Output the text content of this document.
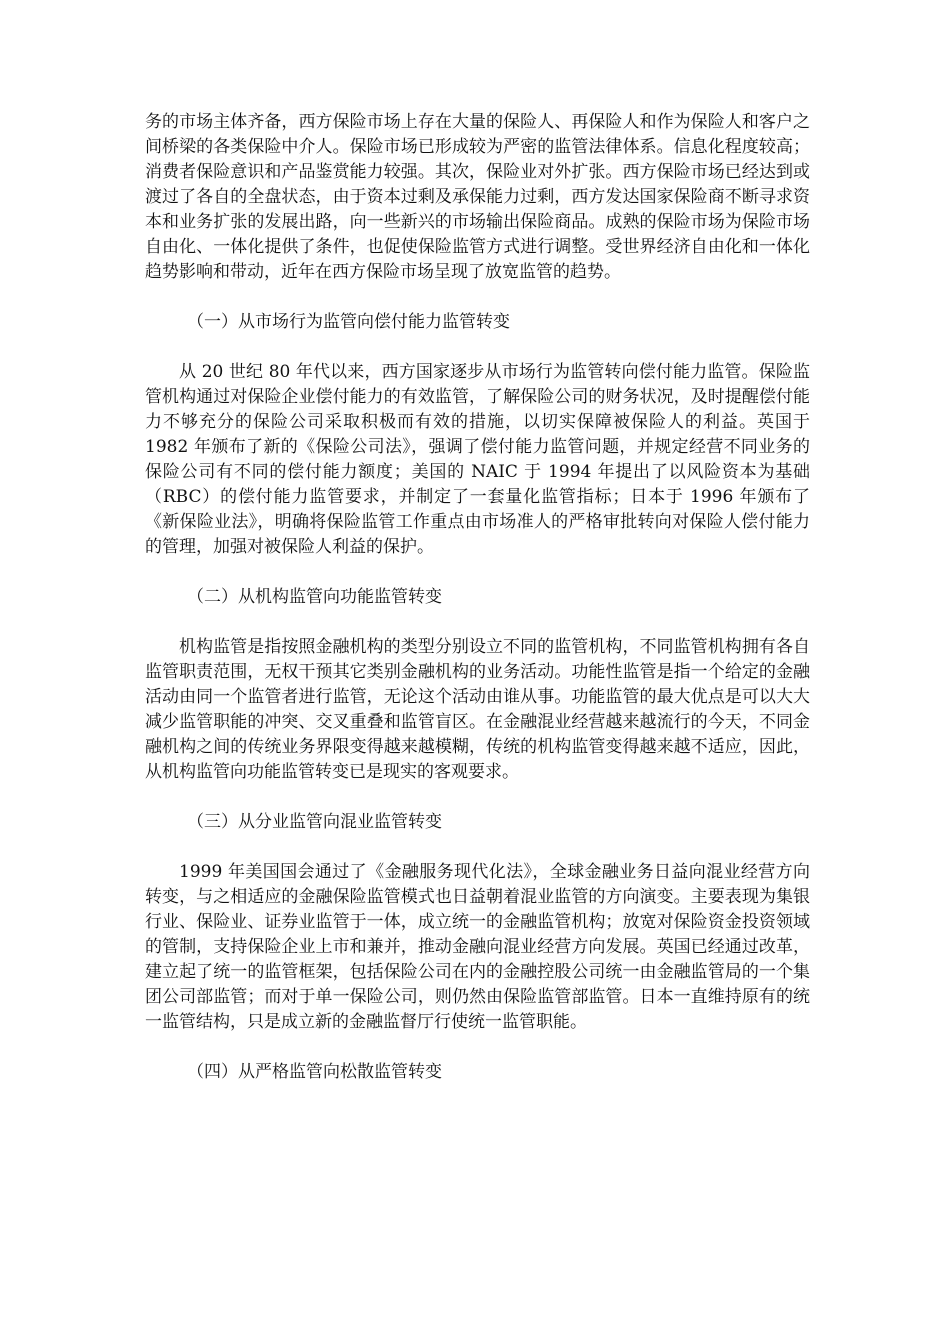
务的市场主体齐备，西方保险市场上存在大量的保险人、再保险人和作为保险人和客户之间桥梁的各类保险中介人。保险市场已形成较为严密的监管法律体系。信息化程度较高；消费者保险意识和产品鉴赏能力较强。其次，保险业对外扩张。西方保险市场已经达到或渡过了各自的全盘状态，由于资本过剩及承保能力过剩，西方发达国家保险商不断寻求资本和业务扩张的发展出路，向一些新兴的市场输出保险商品。成熟的保险市场为保险市场自由化、一体化提供了条件，也促使保险监管方式进行调整。受世界经济自由化和一体化趋势影响和带动，近年在西方保险市场呈现了放宽监管的趋势。

（一）从市场行为监管向偿付能力监管转变

从 20 世纪 80 年代以来，西方国家逐步从市场行为监管转向偿付能力监管。保险监管机构通过对保险企业偿付能力的有效监管，了解保险公司的财务状况，及时提醒偿付能力不够充分的保险公司采取积极而有效的措施，以切实保障被保险人的利益。英国于 1982 年颁布了新的《保险公司法》，强调了偿付能力监管问题，并规定经营不同业务的保险公司有不同的偿付能力额度；美国的 NAIC 于 1994 年提出了以风险资本为基础（RBC）的偿付能力监管要求，并制定了一套量化监管指标；日本于 1996 年颁布了《新保险业法》，明确将保险监管工作重点由市场准人的严格审批转向对保险人偿付能力的管理，加强对被保险人利益的保护。

（二）从机构监管向功能监管转变

机构监管是指按照金融机构的类型分别设立不同的监管机构，不同监管机构拥有各自监管职责范围，无权干预其它类别金融机构的业务活动。功能性监管是指一个给定的金融活动由同一个监管者进行监管，无论这个活动由谁从事。功能监管的最大优点是可以大大减少监管职能的冲突、交叉重叠和监管盲区。在金融混业经营越来越流行的今天，不同金融机构之间的传统业务界限变得越来越模糊，传统的机构监管变得越来越不适应，因此，从机构监管向功能监管转变已是现实的客观要求。

（三）从分业监管向混业监管转变

1999 年美国国会通过了《金融服务现代化法》，全球金融业务日益向混业经营方向转变，与之相适应的金融保险监管模式也日益朝着混业监管的方向演变。主要表现为集银行业、保险业、证券业监管于一体，成立统一的金融监管机构；放宽对保险资金投资领域的管制，支持保险企业上市和兼并，推动金融向混业经营方向发展。英国已经通过改革，建立起了统一的监管框架，包括保险公司在内的金融控股公司统一由金融监管局的一个集团公司部监管；而对于单一保险公司，则仍然由保险监管部监管。日本一直维持原有的统一监管结构，只是成立新的金融监督厅行使统一监管职能。

（四）从严格监管向松散监管转变
